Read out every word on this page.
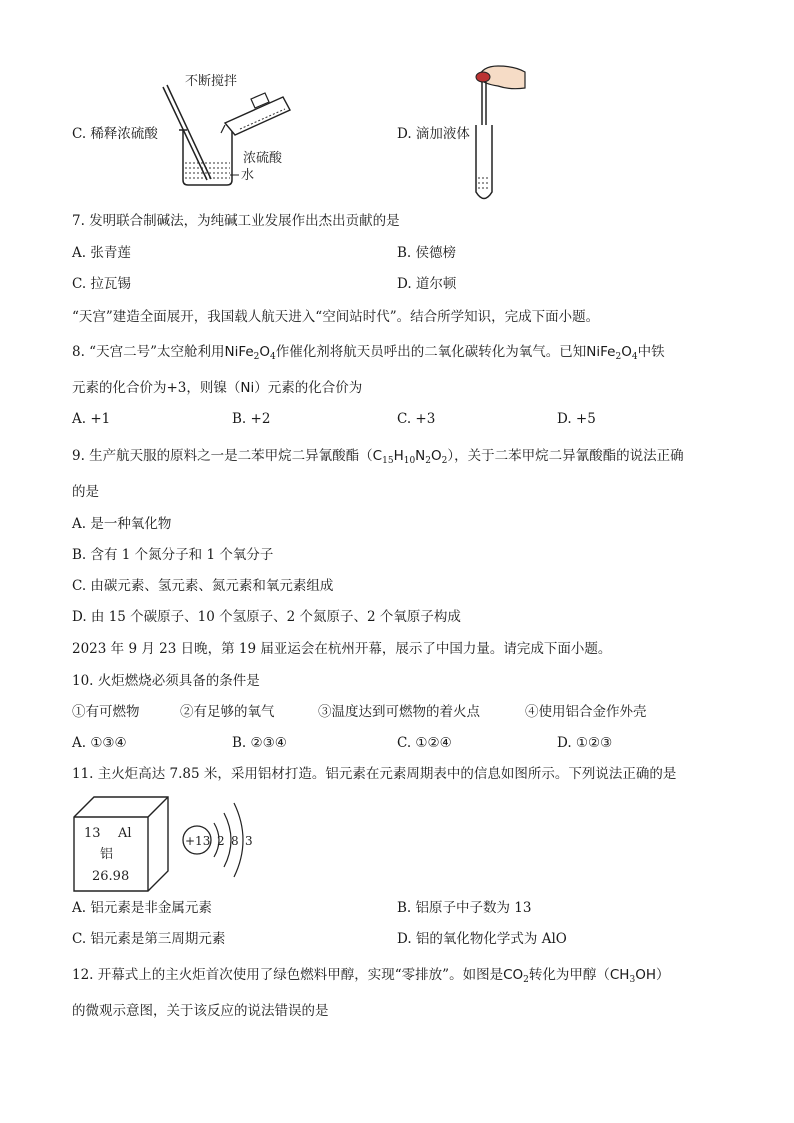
C. 稀释浓硫酸
不断搅拌
浓硫酸
水
D. 滴加液体
7. 发明联合制碱法，为纯碱工业发展作出杰出贡献的是
A. 张青莲	B. 侯德榜
C. 拉瓦锡	D. 道尔顿
“天宫”建造全面展开，我国载人航天进入“空间站时代”。结合所学知识，完成下面小题。
8. “天宫二号”太空舱利用$NiFe_2O_4$作催化剂将航天员呼出的二氧化碳转化为氧气。已知$NiFe_2O_4$中铁
元素的化合价为+3，则镍（Ni）元素的化合价为
A. +1	B. +2	C. +3	D. +5
9. 生产航天服的原料之一是二苯甲烷二异氰酸酯$(C_{15}H_{10}N_2O_2)$，关于二苯甲烷二异氰酸酯的说法正确
的是
A. 是一种氧化物
B. 含有 1 个氮分子和 1 个氧分子
C. 由碳元素、氢元素、氮元素和氧元素组成
D. 由 15 个碳原子、10 个氢原子、2 个氮原子、2 个氧原子构成
2023 年 9 月 23 日晚，第 19 届亚运会在杭州开幕，展示了中国力量。请完成下面小题。
10. 火炬燃烧必须具备的条件是
①有可燃物	②有足够的氧气	③温度达到可燃物的着火点	④使用铝合金作外壳
A. ①③④	B. ②③④	C. ①②④	D. ①②③
11. 主火炬高达 7.85 米，采用铝材打造。铝元素在元素周期表中的信息如图所示。下列说法正确的是
13 Al
铝
26.98
+13 2 8 3
A. 铝元素是非金属元素	B. 铝原子中子数为 13
C. 铝元素是第三周期元素	D. 铝的氧化物化学式为 AlO
12. 开幕式上的主火炬首次使用了绿色燃料甲醇，实现“零排放”。如图是$CO_2$转化为甲醇$(CH_3OH)$
的微观示意图，关于该反应的说法错误的是
